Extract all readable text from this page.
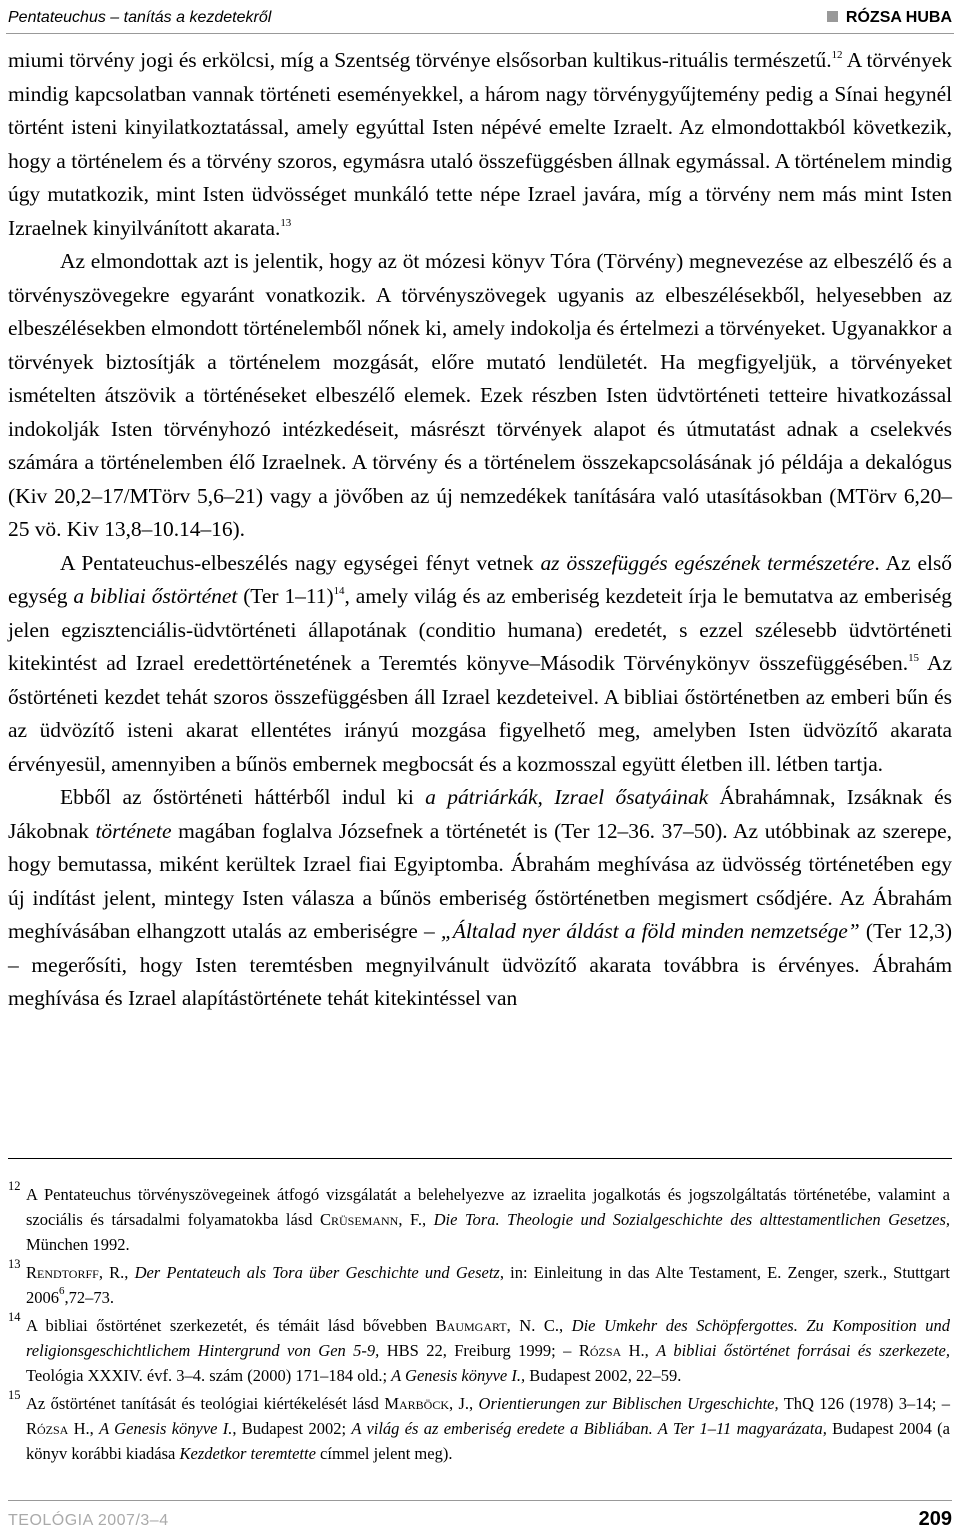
Pentateuchus – tanítás a kezdetekről	RÓZSA HUBA

miumi törvény jogi és erkölcsi, míg a Szentség törvénye elsősorban kultikus-rituális természetű.$^{12}$ A törvények mindig kapcsolatban vannak történeti eseményekkel, a három nagy törvénygyűjtemény pedig a Sínai hegynél történt isteni kinyilatkoztatással, amely egyúttal Isten népévé emelte Izraelt. Az elmondottakból következik, hogy a történelem és a törvény szoros, egymásra utaló összefüggésben állnak egymással. A történelem mindig úgy mutatkozik, mint Isten üdvösséget munkáló tette népe Izrael javára, míg a törvény nem más mint Isten Izraelnek kinyilvánított akarata.$^{13}$

Az elmondottak azt is jelentik, hogy az öt mózesi könyv Tóra (Törvény) megnevezése az elbeszélő és a törvényszövegekre egyaránt vonatkozik. A törvényszövegek ugyanis az elbeszélésekből, helyesebben az elbeszélésekben elmondott történelemből nőnek ki, amely indokolja és értelmezi a törvényeket. Ugyanakkor a törvények biztosítják a történelem mozgását, előre mutató lendületét. Ha megfigyeljük, a törvényeket ismételten átszövik a történéseket elbeszélő elemek. Ezek részben Isten üdvtörténeti tetteire hivatkozással indokolják Isten törvényhozó intézkedéseit, másrészt törvények alapot és útmutatást adnak a cselekvés számára a történelemben élő Izraelnek. A törvény és a történelem összekapcsolásának jó példája a dekalógus (Kiv 20,2–17/MTörv 5,6–21) vagy a jövőben az új nemzedékek tanítására való utasításokban (MTörv 6,20–25 vö. Kiv 13,8–10.14–16).

A Pentateuchus-elbeszélés nagy egységei fényt vetnek az összefüggés egészének természetére. Az első egység a bibliai őstörténet (Ter 1–11)$^{14}$, amely világ és az emberiség kezdeteit írja le bemutatva az emberiség jelen egzisztenciális-üdvtörténeti állapotának (conditio humana) eredetét, s ezzel szélesebb üdvtörténeti kitekintést ad Izrael eredettörténetének a Teremtés könyve–Második Törvénykönyv összefüggésében.$^{15}$ Az őstörténeti kezdet tehát szoros összefüggésben áll Izrael kezdeteivel. A bibliai őstörténetben az emberi bűn és az üdvözítő isteni akarat ellentétes irányú mozgása figyelhető meg, amelyben Isten üdvözítő akarata érvényesül, amennyiben a bűnös embernek megbocsát és a kozmosszal együtt életben ill. létben tartja.

Ebből az őstörténeti háttérből indul ki a pátriárkák, Izrael ősatyáinak Ábrahámnak, Izsáknak és Jákobnak története magában foglalva Józsefnek a történetét is (Ter 12–36. 37–50). Az utóbbinak az szerepe, hogy bemutassa, miként kerültek Izrael fiai Egyiptomba. Ábrahám meghívása az üdvösség történetében egy új indítást jelent, mintegy Isten válasza a bűnös emberiség őstörténetben megismert csődjére. Az Ábrahám meghívásában elhangzott utalás az emberiségre – „Általad nyer áldást a föld minden nemzetsége” (Ter 12,3) – megerősíti, hogy Isten teremtésben megnyilvánult üdvözítő akarata továbbra is érvényes. Ábrahám meghívása és Izrael alapítástörténete tehát kitekintéssel van

12 A Pentateuchus törvényszövegeinek átfogó vizsgálatát a belehelyezve az izraelita jogalkotás és jogszolgáltatás történetébe, valamint a szociális és társadalmi folyamatokba lásd Crüsemann, F., Die Tora. Theologie und Sozialgeschichte des alttestamentlichen Gesetzes, München 1992.
13 Rendtorff, R., Der Pentateuch als Tora über Geschichte und Gesetz, in: Einleitung in das Alte Testament, E. Zenger, szerk., Stuttgart 2006$^6$,72–73.
14 A bibliai őstörténet szerkezetét, és témáit lásd bővebben Baumgart, N. C., Die Umkehr des Schöpfergottes. Zu Komposition und religionsgeschichtlichem Hintergrund von Gen 5-9, HBS 22, Freiburg 1999; – Rózsa H., A bibliai őstörténet forrásai és szerkezete, Teológia XXXIV. évf. 3–4. szám (2000) 171–184 old.; A Genesis könyve I., Budapest 2002, 22–59.
15 Az őstörténet tanítását és teológiai kiértékelését lásd Marböck, J., Orientierungen zur Biblischen Urgeschichte, ThQ 126 (1978) 3–14; – Rózsa H., A Genesis könyve I., Budapest 2002; A világ és az emberiség eredete a Bibliában. A Ter 1–11 magyarázata, Budapest 2004 (a könyv korábbi kiadása Kezdetkor teremtette címmel jelent meg).
TEOLÓGIA 2007/3–4	209
